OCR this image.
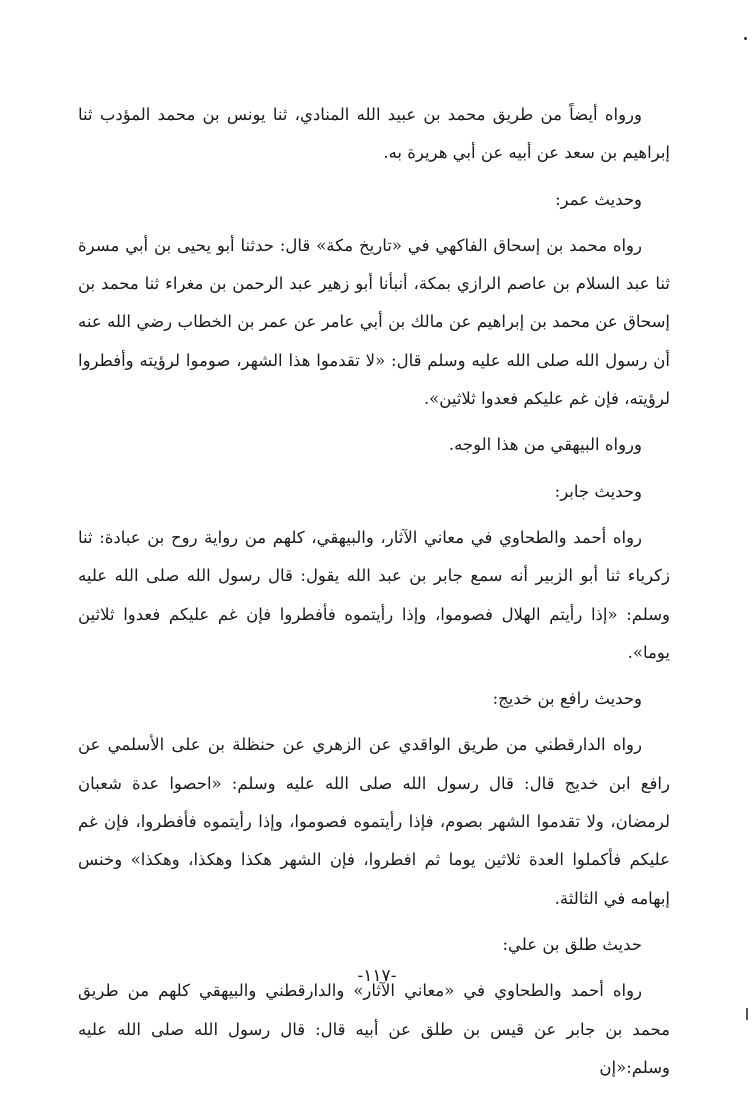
ورواه أيضاً من طريق محمد بن عبيد الله المنادي، ثنا يونس بن محمد المؤدب ثنا إبراهيم بن سعد عن أبيه عن أبي هريرة به.

وحديث عمر:

رواه محمد بن إسحاق الفاكهي في «تاريخ مكة» قال: حدثنا أبو يحيى بن أبي مسرة ثنا عبد السلام بن عاصم الرازي بمكة، أنبأنا أبو زهير عبد الرحمن بن مغراء ثنا محمد بن إسحاق عن محمد بن إبراهيم عن مالك بن أبي عامر عن عمر بن الخطاب رضي الله عنه أن رسول الله صلى الله عليه وسلم قال: «لا تقدموا هذا الشهر، صوموا لرؤيته وأفطروا لرؤيته، فإن غم عليكم فعدوا ثلاثين».

ورواه البيهقي من هذا الوجه.

وحديث جابر:

رواه أحمد والطحاوي في معاني الآثار، والبيهقي، كلهم من رواية روح بن عبادة: ثنا زكرياء ثنا أبو الزبير أنه سمع جابر بن عبد الله يقول: قال رسول الله صلى الله عليه وسلم: «إذا رأيتم الهلال فصوموا، وإذا رأيتموه فأفطروا فإن غم عليكم فعدوا ثلاثين يوما».

وحديث رافع بن خديج:

رواه الدارقطني من طريق الواقدي عن الزهري عن حنظلة بن على الأسلمي عن رافع ابن خديج قال: قال رسول الله صلى الله عليه وسلم: «احصوا عدة شعبان لرمضان، ولا تقدموا الشهر بصوم، فإذا رأيتموه فصوموا، وإذا رأيتموه فأفطروا، فإن غم عليكم فأكملوا العدة ثلاثين يوما ثم افطروا، فإن الشهر هكذا وهكذا، وهكذا» وخنس إبهامه في الثالثة.

حديث طلق بن علي:

رواه أحمد والطحاوي في «معاني الآثار» والدارقطني والبيهقي كلهم من طريق محمد بن جابر عن قيس بن طلق عن أبيه قال: قال رسول الله صلى الله عليه وسلم:«إن

-١١٧-
